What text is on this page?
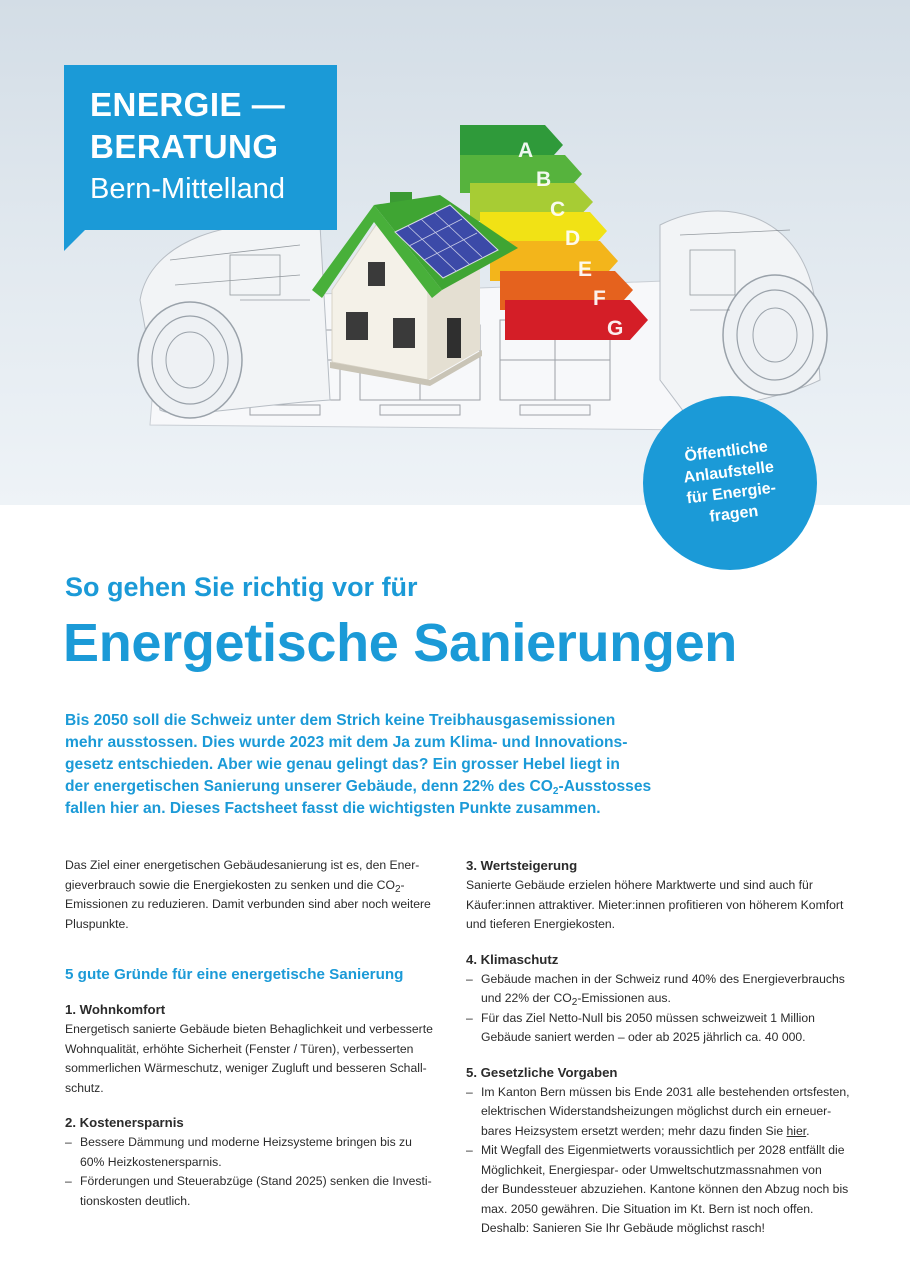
A
B
C
D
E
F
G
ENERGIE —
BERATUNG
Bern-Mittelland
Öffentliche
Anlaufstelle
für Energie-
fragen
So gehen Sie richtig vor für
Energetische Sanierungen
Bis 2050 soll die Schweiz unter dem Strich keine Treibhausgasemissionen
mehr ausstossen. Dies wurde 2023 mit dem Ja zum Klima- und Innovations-
gesetz entschieden. Aber wie genau gelingt das? Ein grosser Hebel liegt in
der energetischen Sanierung unserer Gebäude, denn 22% des $CO_2$-Ausstosses
fallen hier an. Dieses Factsheet fasst die wichtigsten Punkte zusammen.
Das Ziel einer energetischen Gebäudesanierung ist es, den Ener-
gieverbrauch sowie die Energiekosten zu senken und die $CO_2-$
Emissionen zu reduzieren. Damit verbunden sind aber noch weitere
Pluspunkte.
5 gute Gründe für eine energetische Sanierung
1. Wohnkomfort
Energetisch sanierte Gebäude bieten Behaglichkeit und verbesserte
Wohnqualität, erhöhte Sicherheit (Fenster / Türen), verbesserten
sommerlichen Wärmeschutz, weniger Zugluft und besseren Schall-
schutz.
2. Kostenersparnis
– Bessere Dämmung und moderne Heizsysteme bringen bis zu
60% Heizkostenersparnis.
– Förderungen und Steuerabzüge (Stand 2025) senken die Investi-
tionskosten deutlich.
3. Wertsteigerung
Sanierte Gebäude erzielen höhere Marktwerte und sind auch für
Käufer:innen attraktiver. Mieter:innen profitieren von höherem Komfort
und tieferen Energiekosten.
4. Klimaschutz
– Gebäude machen in der Schweiz rund 40% des Energieverbrauchs
und 22% der $CO_2$-Emissionen aus.
– Für das Ziel Netto-Null bis 2050 müssen schweizweit 1 Million
Gebäude saniert werden – oder ab 2025 jährlich ca. 40 000.
5. Gesetzliche Vorgaben
– Im Kanton Bern müssen bis Ende 2031 alle bestehenden ortsfesten,
elektrischen Widerstandsheizungen möglichst durch ein erneuer-
bares Heizsystem ersetzt werden; mehr dazu finden Sie hier.
– Mit Wegfall des Eigenmietwerts voraussichtlich per 2028 entfällt die
Möglichkeit, Energiespar- oder Umweltschutzmassnahmen von
der Bundessteuer abzuziehen. Kantone können den Abzug noch bis
max. 2050 gewähren. Die Situation im Kt. Bern ist noch offen.
Deshalb: Sanieren Sie Ihr Gebäude möglichst rasch!
